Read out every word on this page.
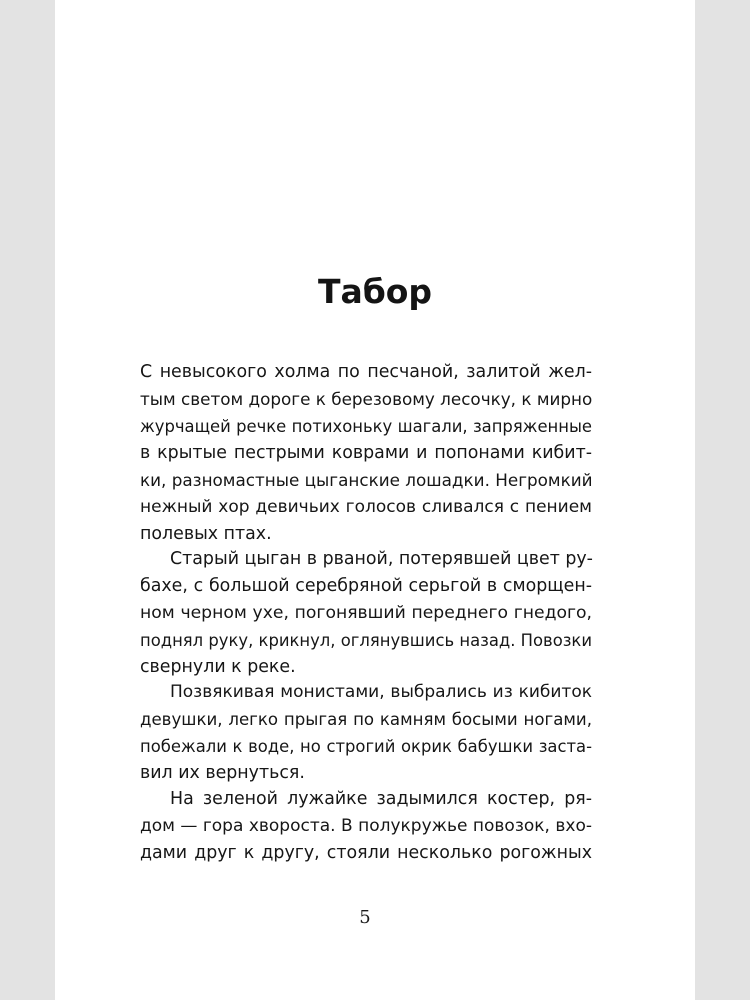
Табор
С невысокого холма по песчаной, залитой жел-
тым светом дороге к березовому лесочку, к мирно
журчащей речке потихоньку шагали, запряженные
в крытые пестрыми коврами и попонами кибит-
ки, разномастные цыганские лошадки. Негромкий
нежный хор девичьих голосов сливался с пением
полевых птах.
Старый цыган в рваной, потерявшей цвет ру-
бахе, с большой серебряной серьгой в сморщен-
ном черном ухе, погонявший переднего гнедого,
поднял руку, крикнул, оглянувшись назад. Повозки
свернули к реке.
Позвякивая монистами, выбрались из кибиток
девушки, легко прыгая по камням босыми ногами,
побежали к воде, но строгий окрик бабушки заста-
вил их вернуться.
На зеленой лужайке задымился костер, ря-
дом — гора хвороста. В полукружье повозок, вхо-
дами друг к другу, стояли несколько рогожных
5
